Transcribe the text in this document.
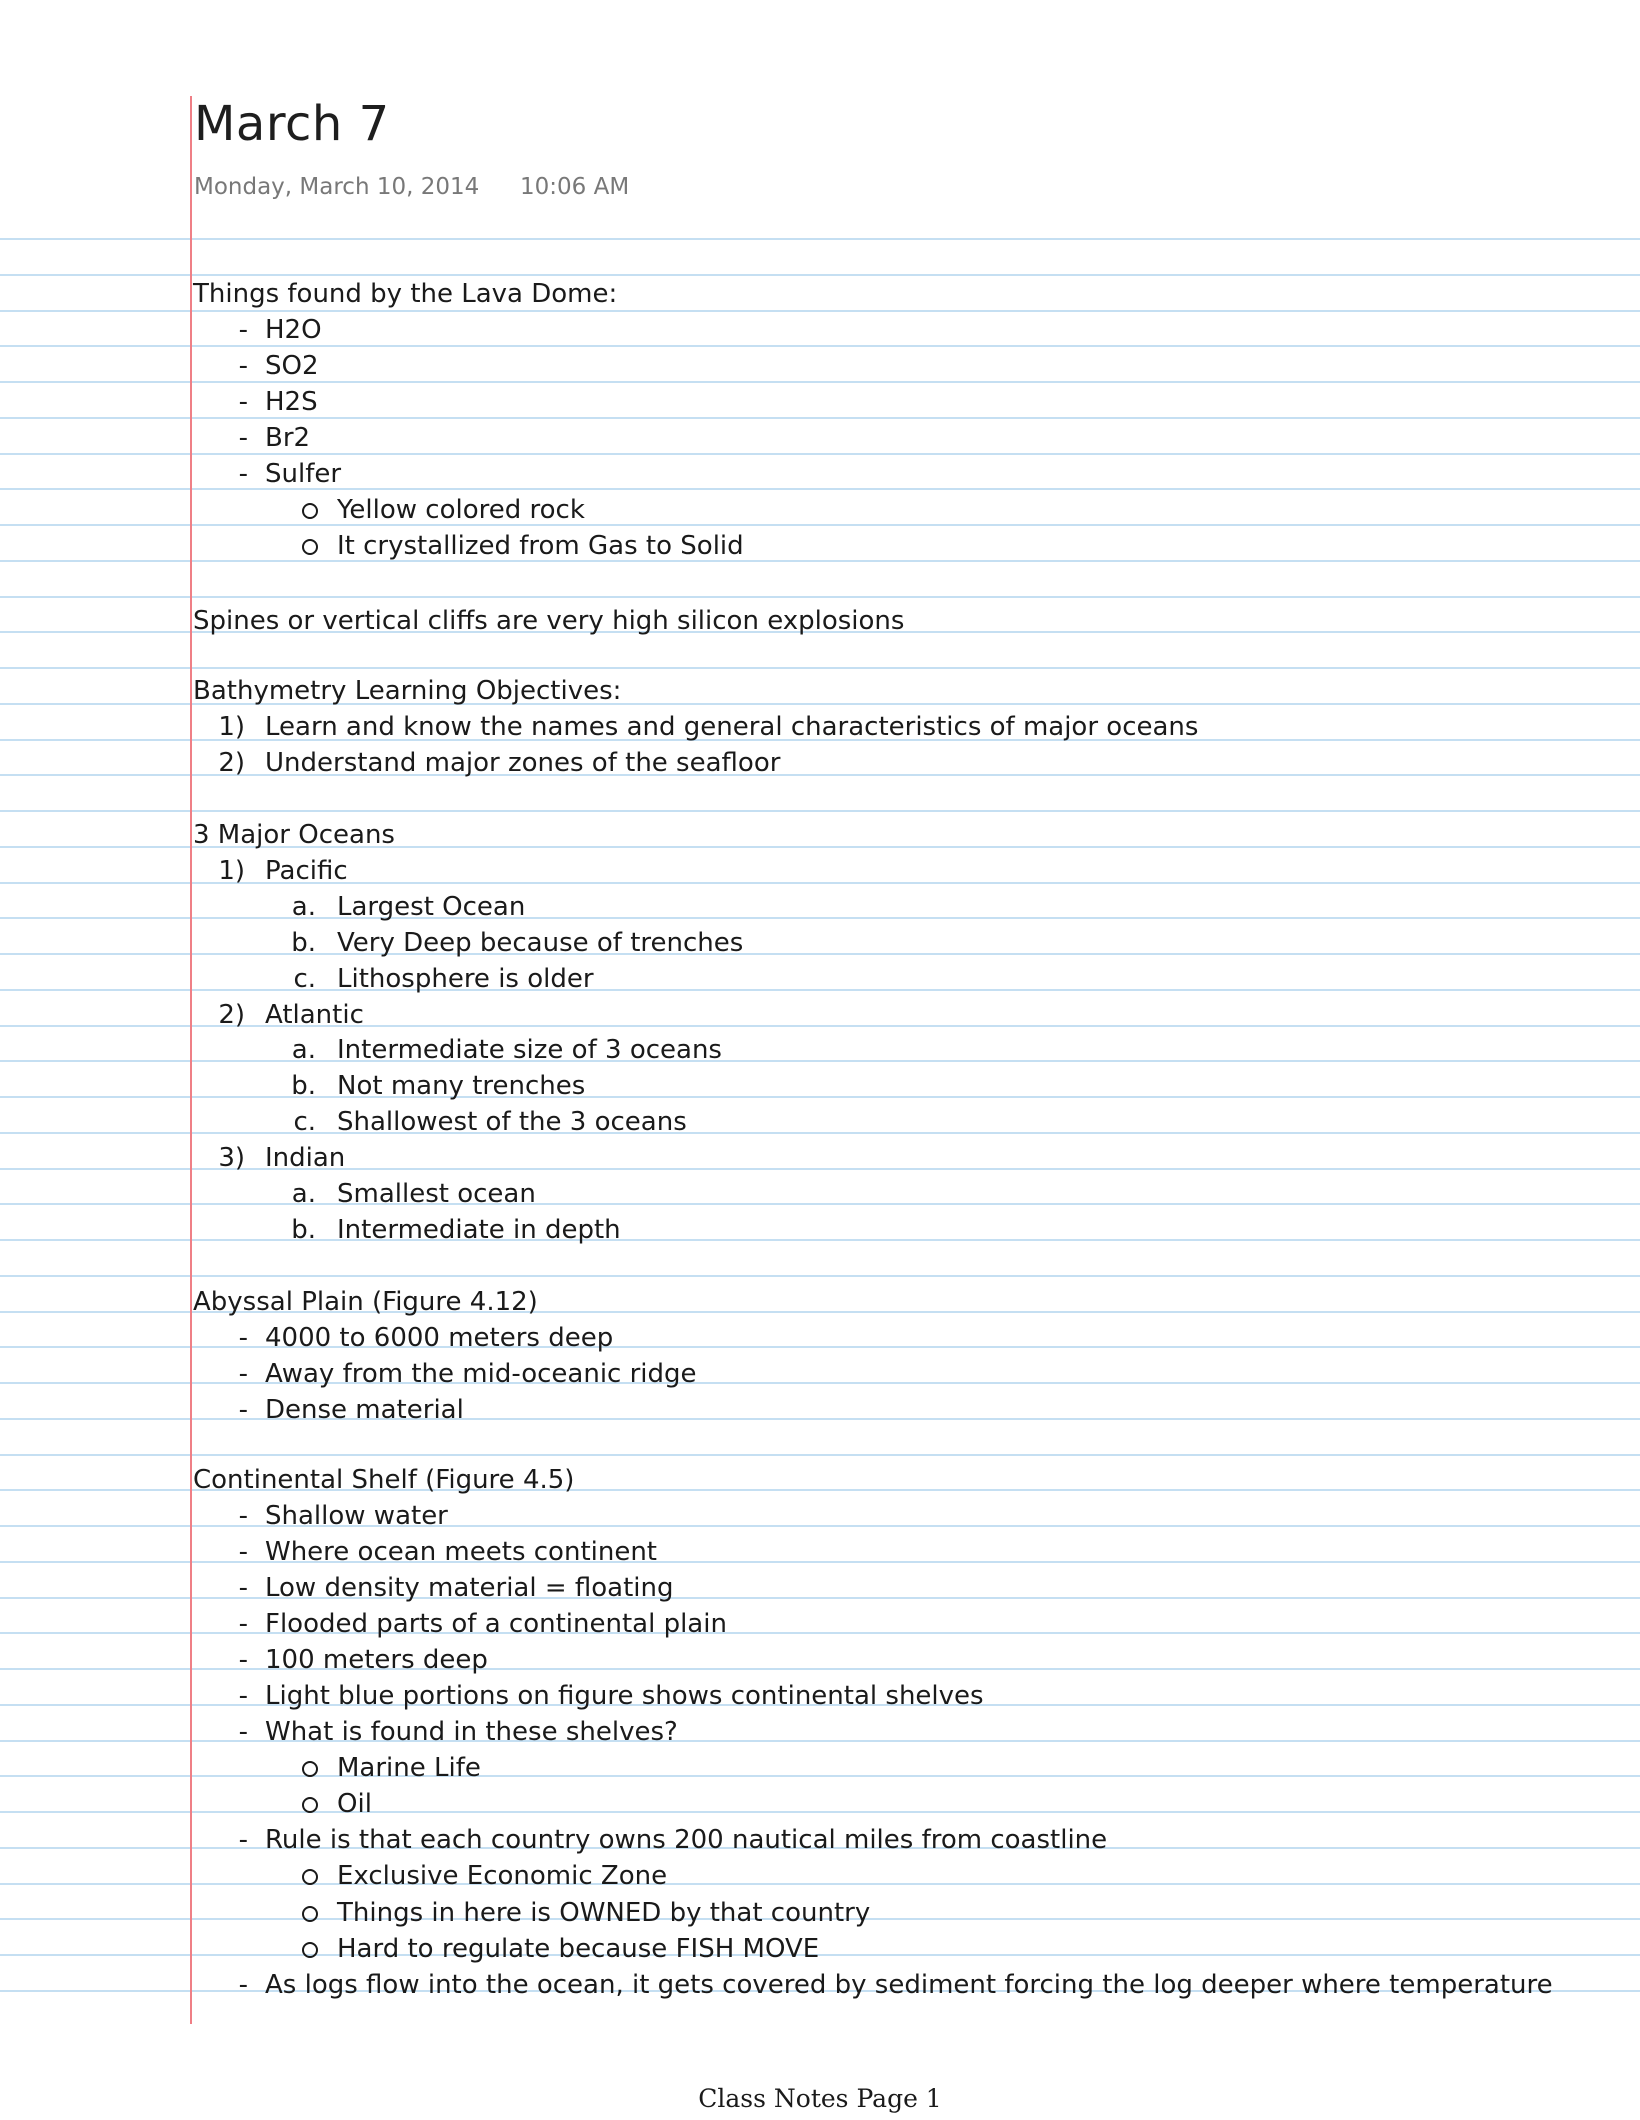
March 7
Monday, March 10, 2014 10:06 AM
Things found by the Lava Dome:
- H2O
- SO2
- H2S
- Br2
- Sulfer
Yellow colored rock
It crystallized from Gas to Solid
Spines or vertical cliffs are very high silicon explosions
Bathymetry Learning Objectives:
1) Learn and know the names and general characteristics of major oceans
2) Understand major zones of the seafloor
3 Major Oceans
1) Pacific
a. Largest Ocean
b. Very Deep because of trenches
c. Lithosphere is older
2) Atlantic
a. Intermediate size of 3 oceans
b. Not many trenches
c. Shallowest of the 3 oceans
3) Indian
a. Smallest ocean
b. Intermediate in depth
Abyssal Plain (Figure 4.12)
- 4000 to 6000 meters deep
- Away from the mid-oceanic ridge
- Dense material
Continental Shelf (Figure 4.5)
- Shallow water
- Where ocean meets continent
- Low density material = floating
- Flooded parts of a continental plain
- 100 meters deep
- Light blue portions on figure shows continental shelves
- What is found in these shelves?
Marine Life
Oil
- Rule is that each country owns 200 nautical miles from coastline
Exclusive Economic Zone
Things in here is OWNED by that country
Hard to regulate because FISH MOVE
- As logs flow into the ocean, it gets covered by sediment forcing the log deeper where temperature
Class Notes Page 1
